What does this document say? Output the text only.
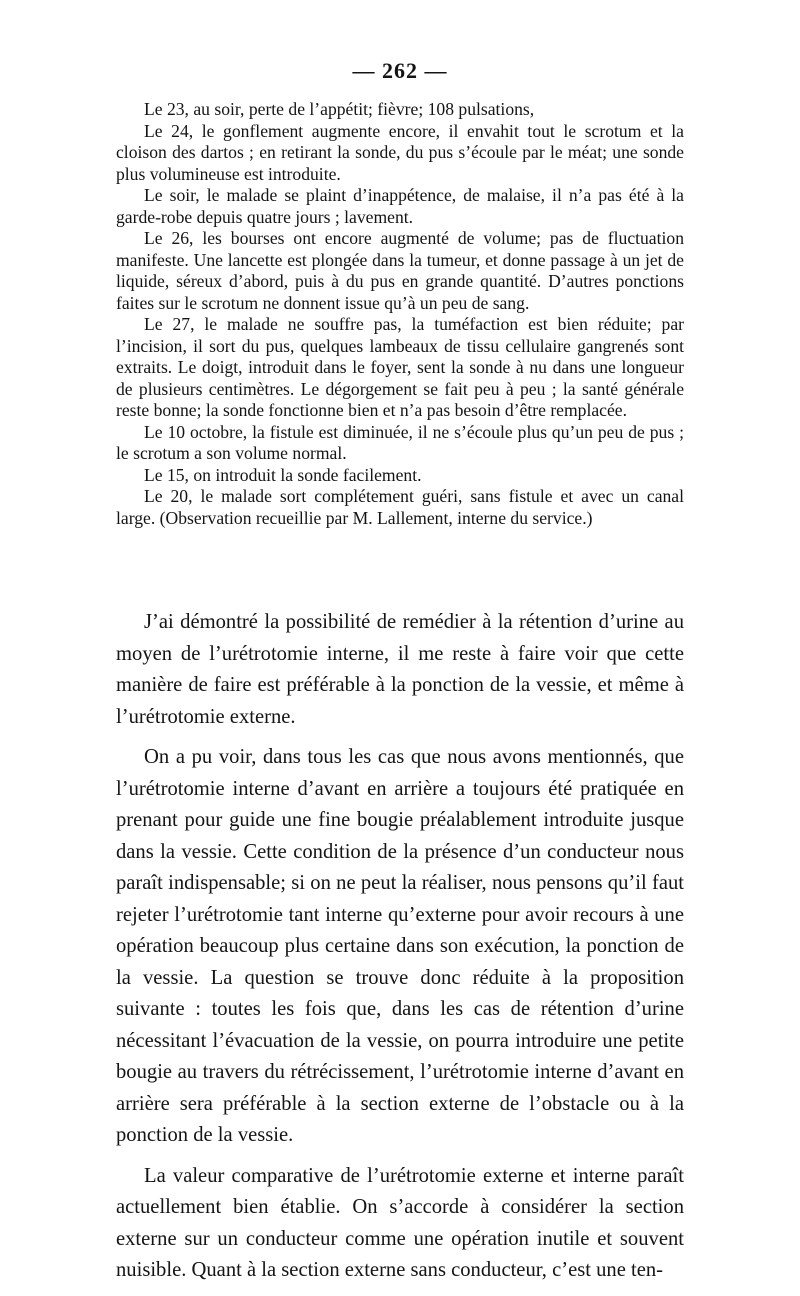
— 262 —

Le 23, au soir, perte de l’appétit; fièvre; 108 pulsations,

Le 24, le gonflement augmente encore, il envahit tout le scrotum et la cloison des dartos ; en retirant la sonde, du pus s’écoule par le méat; une sonde plus volumineuse est introduite.

Le soir, le malade se plaint d’inappétence, de malaise, il n’a pas été à la garde-robe depuis quatre jours ; lavement.

Le 26, les bourses ont encore augmenté de volume; pas de fluctuation manifeste. Une lancette est plongée dans la tumeur, et donne passage à un jet de liquide, séreux d’abord, puis à du pus en grande quantité. D’autres ponctions faites sur le scrotum ne donnent issue qu’à un peu de sang.

Le 27, le malade ne souffre pas, la tuméfaction est bien réduite; par l’incision, il sort du pus, quelques lambeaux de tissu cellulaire gangrenés sont extraits. Le doigt, introduit dans le foyer, sent la sonde à nu dans une longueur de plusieurs centimètres. Le dégorgement se fait peu à peu ; la santé générale reste bonne; la sonde fonctionne bien et n’a pas besoin d’être remplacée.

Le 10 octobre, la fistule est diminuée, il ne s’écoule plus qu’un peu de pus ; le scrotum a son volume normal.

Le 15, on introduit la sonde facilement.

Le 20, le malade sort complétement guéri, sans fistule et avec un canal large. (Observation recueillie par M. Lallement, interne du service.)

J’ai démontré la possibilité de remédier à la rétention d’urine au moyen de l’urétrotomie interne, il me reste à faire voir que cette manière de faire est préférable à la ponction de la vessie, et même à l’urétrotomie externe.

On a pu voir, dans tous les cas que nous avons mentionnés, que l’urétrotomie interne d’avant en arrière a toujours été pratiquée en prenant pour guide une fine bougie préalablement introduite jusque dans la vessie. Cette condition de la présence d’un conducteur nous paraît indispensable; si on ne peut la réaliser, nous pensons qu’il faut rejeter l’urétrotomie tant interne qu’externe pour avoir recours à une opération beaucoup plus certaine dans son exécution, la ponction de la vessie. La question se trouve donc réduite à la proposition suivante : toutes les fois que, dans les cas de rétention d’urine nécessitant l’évacuation de la vessie, on pourra introduire une petite bougie au travers du rétrécissement, l’urétrotomie interne d’avant en arrière sera préférable à la section externe de l’obstacle ou à la ponction de la vessie.

La valeur comparative de l’urétrotomie externe et interne paraît actuellement bien établie. On s’accorde à considérer la section externe sur un conducteur comme une opération inutile et souvent nuisible. Quant à la section externe sans conducteur, c’est une ten-
